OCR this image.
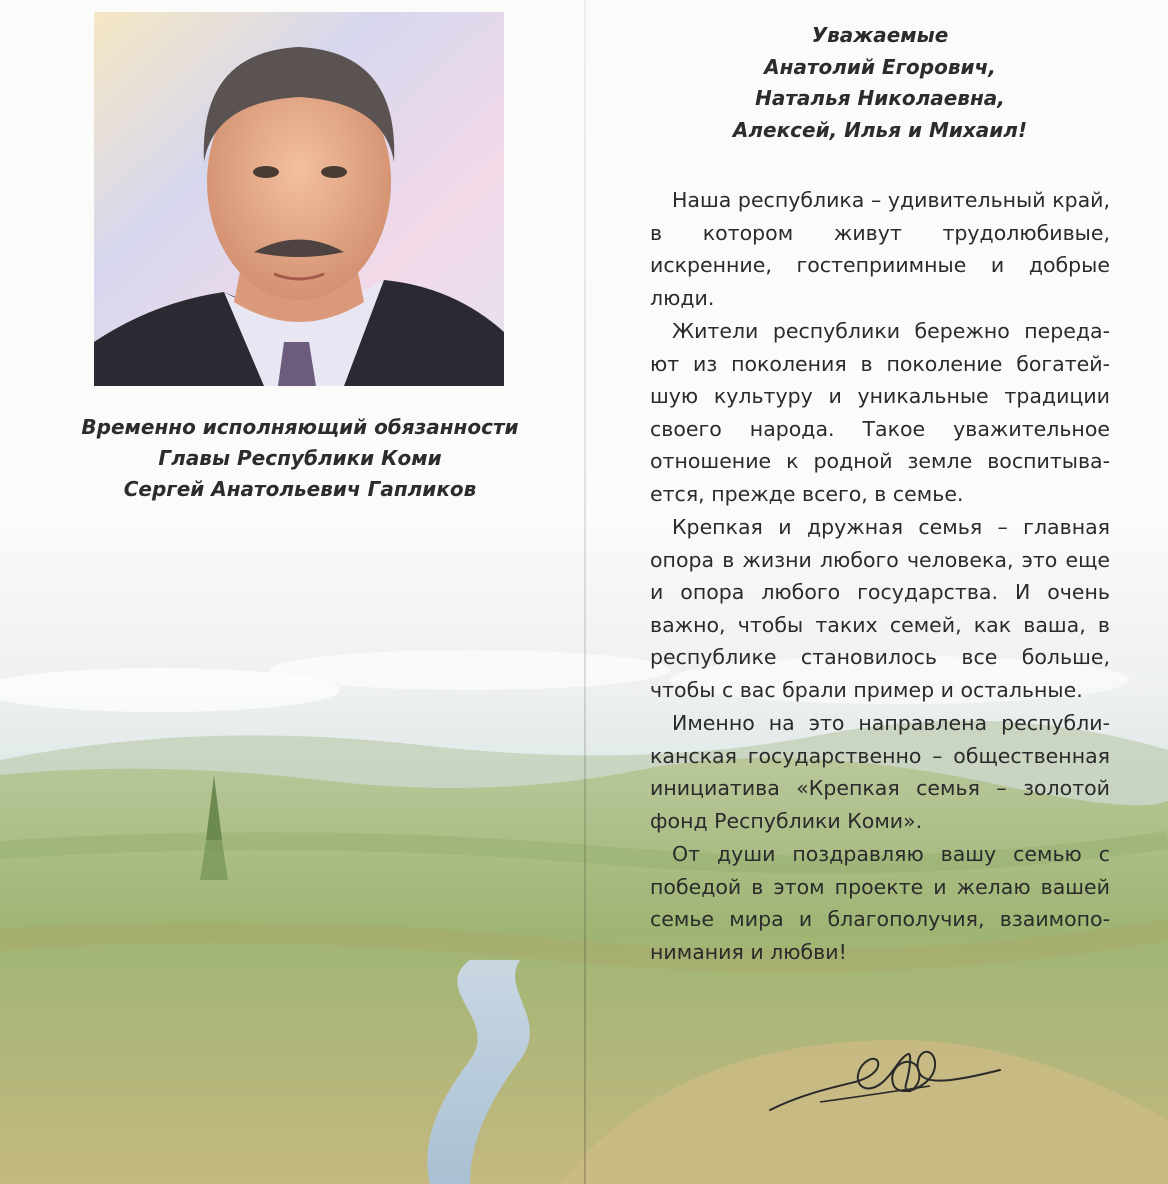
Временно исполняющий обязанности
Главы Республики Коми
Сергей Анатольевич Гапликов
Уважаемые
Анатолий Егорович,
Наталья Николаевна,
Алексей, Илья и Михаил!

Наша республика – удивительный край, в котором живут трудолюбивые, искренние, гостеприимные и добрые люди.

Жители республики бережно переда-ют из поколения в поколение богатей-шую культуру и уникальные традиции своего народа. Такое уважительное отношение к родной земле воспитыва-ется, прежде всего, в семье.

Крепкая и дружная семья – главная опора в жизни любого человека, это еще и опора любого государства. И очень важно, чтобы таких семей, как ваша, в республике становилось все больше, чтобы с вас брали пример и остальные.

Именно на это направлена республи-канская государственно – общественная инициатива «Крепкая семья – золотой фонд Республики Коми».

От души поздравляю вашу семью с победой в этом проекте и желаю вашей семье мира и благополучия, взаимопо-нимания и любви!
